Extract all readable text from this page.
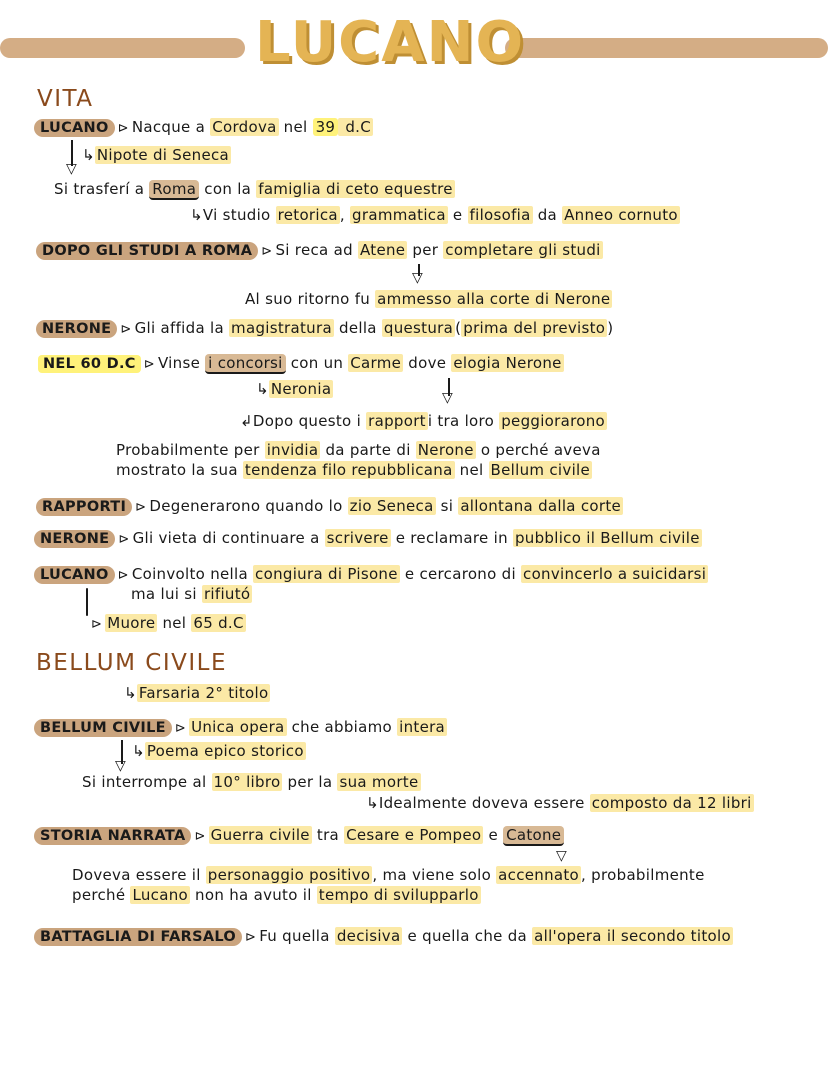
LUCANO
VITA
LUCANO ⊳ Nacque a Cordova nel 39 d.C
▽
↳ Nipote di Seneca
Si trasferí a Roma con la famiglia di ceto equestre
↳Vi studio retorica , grammatica e filosofia da Anneo cornuto
DOPO GLI STUDI A ROMA ⊳ Si reca ad Atene per completare gli studi
▽
Al suo ritorno fu ammesso alla corte di Nerone
NERONE ⊳ Gli affida la magistratura della questura ( prima del previsto )
NEL 60 D.C ⊳ Vinse i concorsi con un Carme dove elogia Nerone
↳ Neronia	▽
↲Dopo questo i rapport i tra loro peggiorarono
Probabilmente per invidia da parte di Nerone o perché aveva
mostrato la sua tendenza filo repubblicana nel Bellum civile
RAPPORTI ⊳ Degenerarono quando lo zio Seneca si allontana dalla corte
NERONE ⊳ Gli vieta di continuare a scrivere e reclamare in pubblico il Bellum civile
LUCANO ⊳ Coinvolto nella congiura di Pisone e cercarono di convincerlo a suicidarsi
ma lui si rifiutó
⊳ Muore nel 65 d.C
BELLUM CIVILE
↳ Farsaria 2° titolo
BELLUM CIVILE ⊳ Unica opera che abbiamo intera
▽
↳ Poema epico storico
Si interrompe al 10° libro per la sua morte
↳Idealmente doveva essere composto da 12 libri
STORIA NARRATA ⊳ Guerra civile tra Cesare e Pompeo e Catone
▽
Doveva essere il personaggio positivo , ma viene solo accennato , probabilmente
perché Lucano non ha avuto il tempo di svilupparlo
BATTAGLIA DI FARSALO ⊳ Fu quella decisiva e quella che da all'opera il secondo titolo
